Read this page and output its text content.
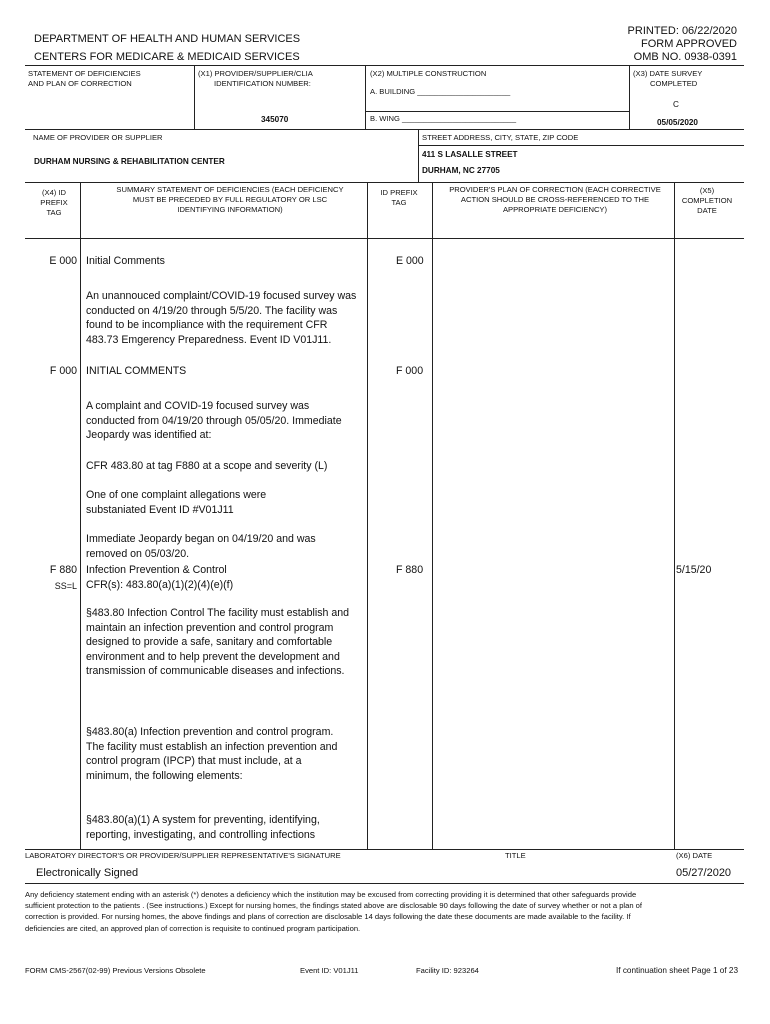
PRINTED: 06/22/2020
FORM APPROVED
OMB NO. 0938-0391
DEPARTMENT OF HEALTH AND HUMAN SERVICES
CENTERS FOR MEDICARE & MEDICAID SERVICES
STATEMENT OF DEFICIENCIES
AND PLAN OF CORRECTION
(X1) PROVIDER/SUPPLIER/CLIA
IDENTIFICATION NUMBER:
345070
(X2) MULTIPLE CONSTRUCTION
A. BUILDING ______________________
B. WING ___________________________
(X3) DATE SURVEY
COMPLETED
C
05/05/2020
NAME OF PROVIDER OR SUPPLIER
DURHAM NURSING & REHABILITATION CENTER
STREET ADDRESS, CITY, STATE, ZIP CODE
411 S LASALLE STREET
DURHAM, NC 27705
(X4) ID PREFIX TAG
SUMMARY STATEMENT OF DEFICIENCIES (EACH DEFICIENCY MUST BE PRECEDED BY FULL REGULATORY OR LSC IDENTIFYING INFORMATION)
ID PREFIX TAG
PROVIDER'S PLAN OF CORRECTION (EACH CORRECTIVE ACTION SHOULD BE CROSS-REFERENCED TO THE APPROPRIATE DEFICIENCY)
(X5) COMPLETION DATE
E 000 Initial Comments	E 000
An unannouced complaint/COVID-19 focused survey was conducted on 4/19/20 through 5/5/20. The facility was found to be incompliance with the requirement CFR 483.73 Emgerency Preparedness. Event ID V01J11.
F 000 INITIAL COMMENTS	F 000
A complaint and COVID-19 focused survey was conducted from 04/19/20 through 05/05/20. Immediate Jeopardy was identified at:
CFR 483.80 at tag F880 at a scope and severity (L)
One of one complaint allegations were substaniated Event ID #V01J11
Immediate Jeopardy began on 04/19/20 and was removed on 05/03/20.
F 880
SS=L
Infection Prevention & Control
CFR(s): 483.80(a)(1)(2)(4)(e)(f)
F 880	5/15/20
§483.80 Infection Control The facility must establish and maintain an infection prevention and control program designed to provide a safe, sanitary and comfortable environment and to help prevent the development and transmission of communicable diseases and infections.
§483.80(a) Infection prevention and control program. The facility must establish an infection prevention and control program (IPCP) that must include, at a minimum, the following elements:
§483.80(a)(1) A system for preventing, identifying, reporting, investigating, and controlling infections
LABORATORY DIRECTOR'S OR PROVIDER/SUPPLIER REPRESENTATIVE'S SIGNATURE	TITLE	(X6) DATE
Electronically Signed	05/27/2020
Any deficiency statement ending with an asterisk (*) denotes a deficiency which the institution may be excused from correcting providing it is determined that other safeguards provide sufficient protection to the patients . (See instructions.) Except for nursing homes, the findings stated above are disclosable 90 days following the date of survey whether or not a plan of correction is provided. For nursing homes, the above findings and plans of correction are disclosable 14 days following the date these documents are made available to the facility. If deficiencies are cited, an approved plan of correction is requisite to continued program participation.
FORM CMS-2567(02-99) Previous Versions Obsolete	Event ID: V01J11	Facility ID: 923264	If continuation sheet Page 1 of 23
